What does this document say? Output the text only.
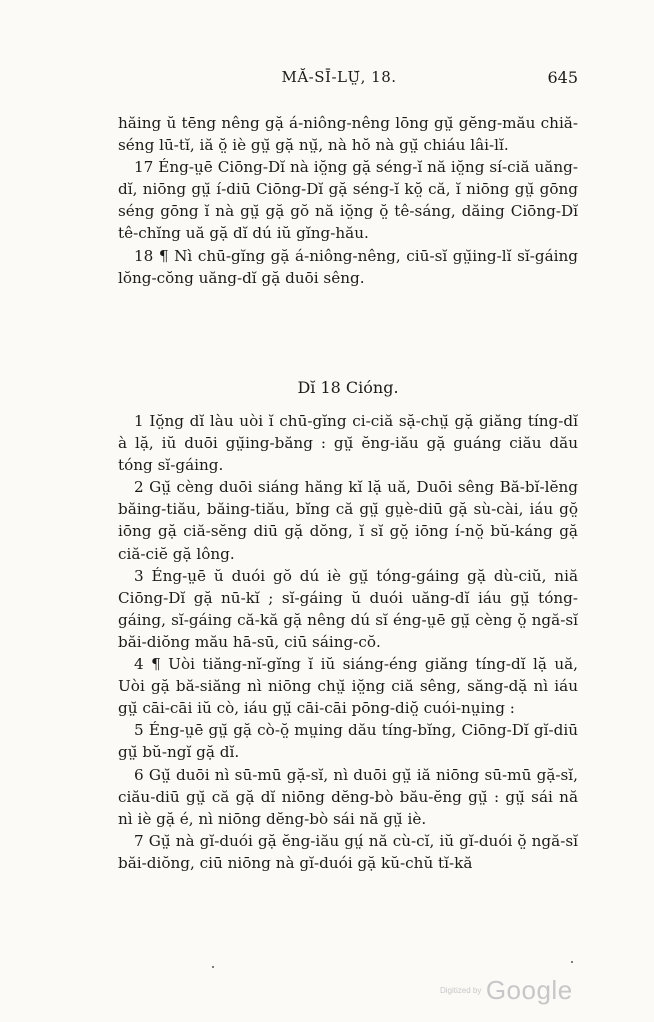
MĂ-SĪ-LṲ̆, 18.	645

hăing ŭ tēng nêng gặ á-niông-nêng lōng gṳ̆ gĕng-mău chiă-séng lū-tĭ, iă ŏ̤ iè gṳ̆ gặ nṳ̆, nà hŏ nà gṳ̆ chiáu lâi-lĭ.

17 Éng-ṳē Ciōng-Dĭ nà iŏ̤ng gặ séng-ĭ nă iŏ̤ng sí-ciă uăng-dĭ, niōng gṳ̆ í-diū Ciōng-Dĭ gặ séng-ĭ kŏ̤ că, ĭ niōng gṳ̆ gōng séng gōng ĭ nà gṳ̆ gặ gŏ nă iŏ̤ng ŏ̤ tê-sáng, dăing Ciōng-Dĭ tê-chĭng uă gặ dĭ dú iŭ gĭng-hău.

18 ¶ Nì chū-gĭng gặ á-niông-nêng, ciū-sĭ gṳ̆ing-lĭ sĭ-gáing lŏng-cŏng uăng-dĭ gặ duōi sêng.

Dĭ 18 Cióng.

1 Iŏ̤ng dĭ làu uòi ĭ chū-gĭng ci-ciă sặ-chṳ̆ gặ giăng tíng-dĭ à lặ, iŭ duōi gṳ̆ing-băng : gṳ̆ ĕng-iău gặ guáng ciău dău tóng sĭ-gáing.

2 Gṳ̆ cèng duōi siáng hăng kĭ lặ uă, Duōi sêng Bă-bĭ-lĕng băing-tiău, băing-tiău, bĭng că gṳ̆ gṳè-diū gặ sù-cài, iáu gŏ̤ iōng gặ ciă-sĕng diū gặ dŏng, ĭ sĭ gŏ̤ iōng í-nŏ̤ bŭ-káng gặ ciă-ciĕ gặ lông.

3 Éng-ṳē ŭ duói gŏ dú iè gṳ̆ tóng-gáing gặ dù-ciŭ, niă Ciōng-Dĭ gặ nū-kĭ ; sĭ-gáing ŭ duói uăng-dĭ iáu gṳ̆ tóng-gáing, sĭ-gáing că-kă gặ nêng dú sĭ éng-ṳē gṳ̆ cèng ŏ̤ ngă-sĭ băi-diŏng mău hā-sū, ciū sáing-cŏ.

4 ¶ Uòi tiăng-nĭ-gĭng ĭ iŭ siáng-éng giăng tíng-dĭ lặ uă, Uòi gặ bă-siăng nì niōng chṳ̆ iŏ̤ng ciă sêng, săng-dặ nì iáu gṳ̆ cāi-cāi iŭ cò, iáu gṳ̆ cāi-cāi pōng-diŏ̤ cuói-nṳing :

5 Éng-ṳē gṳ̆ gặ cò-ŏ̤ mṳing dău tíng-bĭng, Ciōng-Dĭ gĭ-diū gṳ̆ bŭ-ngĭ gặ dĭ.

6 Gṳ̆ duōi nì sū-mū gặ-sĭ, nì duōi gṳ̆ iă niōng sū-mū gặ-sĭ, ciău-diū gṳ̆ că gặ dĭ niōng dĕng-bò bău-ĕng gṳ̆ : gṳ̆ sái nă nì iè gặ é, nì niōng dĕng-bò sái nă gṳ̆ iè.

7 Gṳ̆ nà gĭ-duói gặ ĕng-iău gṳ́ nă cù-cĭ, iŭ gĭ-duói ŏ̤ ngă-sĭ băi-diŏng, ciū niōng nà gĭ-duói gặ kŭ-chŭ tĭ-kă

Digitized by Google
